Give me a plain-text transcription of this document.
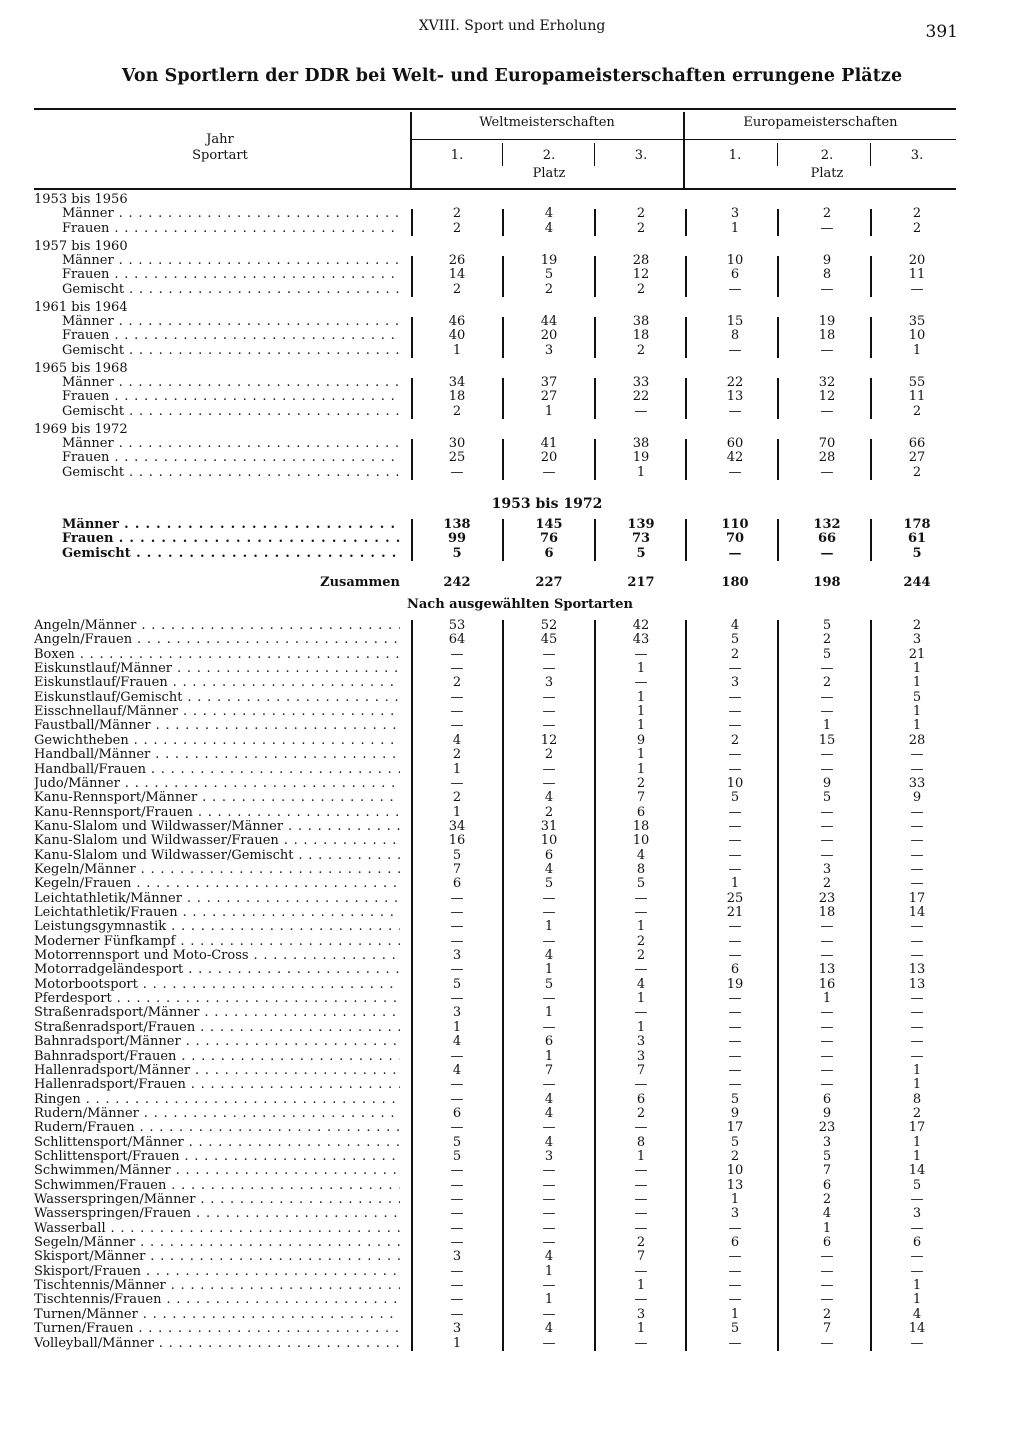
XVIII. Sport und Erholung	391
Von Sportlern der DDR bei Welt- und Europameisterschaften errungene Plätze
Jahr
Sportart
Weltmeisterschaften	Europameisterschaften
1.	2.	3.	1.	2.	3.
Platz	Platz
1953 bis 1956
Männer . . .	2	4	2	3	2	2
Frauen . . .	2	4	2	1	—	2
1957 bis 1960
Männer . . .	26	19	28	10	9	20
Frauen . . .	14	5	12	6	8	11
Gemischt . . .	2	2	2	—	—	—
1961 bis 1964
Männer . . .	46	44	38	15	19	35
Frauen . . .	40	20	18	8	18	10
Gemischt . . .	1	3	2	—	—	1
1965 bis 1968
Männer . . .	34	37	33	22	32	55
Frauen . . .	18	27	22	13	12	11
Gemischt . . .	2	1	—	—	—	2
1969 bis 1972
Männer . . .	30	41	38	60	70	66
Frauen . . .	25	20	19	42	28	27
Gemischt . . .	—	—	1	—	—	2
1953 bis 1972
Männer . . .	138	145	139	110	132	178
Frauen . . .	99	76	73	70	66	61
Gemischt . . .	5	6	5	—	—	5
Zusammen	242	227	217	180	198	244
Nach ausgewählten Sportarten
Angeln/Männer . . .	53	52	42	4	5	2
Angeln/Frauen . . .	64	45	43	5	2	3
Boxen . . .	—	—	—	2	5	21
Eiskunstlauf/Männer . . .	—	—	1	—	—	1
Eiskunstlauf/Frauen . . .	2	3	—	3	2	1
Eiskunstlauf/Gemischt . . .	—	—	1	—	—	5
Eisschnellauf/Männer . . .	—	—	1	—	—	1
Faustball/Männer . . .	—	—	1	—	1	1
Gewichtheben . . .	4	12	9	2	15	28
Handball/Männer . . .	2	2	1	—	—	—
Handball/Frauen . . .	1	—	1	—	—	—
Judo/Männer . . .	—	—	2	10	9	33
Kanu-Rennsport/Männer . . .	2	4	7	5	5	9
Kanu-Rennsport/Frauen . . .	1	2	6	—	—	—
Kanu-Slalom und Wildwasser/Männer . . .	34	31	18	—	—	—
Kanu-Slalom und Wildwasser/Frauen . . .	16	10	10	—	—	—
Kanu-Slalom und Wildwasser/Gemischt . . .	5	6	4	—	—	—
Kegeln/Männer . . .	7	4	8	—	3	—
Kegeln/Frauen . . .	6	5	5	1	2	—
Leichtathletik/Männer . . .	—	—	—	25	23	17
Leichtathletik/Frauen . . .	—	—	—	21	18	14
Leistungsgymnastik . . .	—	1	1	—	—	—
Moderner Fünfkampf . . .	—	—	2	—	—	—
Motorrennsport und Moto-Cross . . .	3	4	2	—	—	—
Motorradgeländesport . . .	—	1	—	6	13	13
Motorbootsport . . .	5	5	4	19	16	13
Pferdesport . . .	—	—	1	—	1	—
Straßenradsport/Männer . . .	3	1	—	—	—	—
Straßenradsport/Frauen . . .	1	—	1	—	—	—
Bahnradsport/Männer . . .	4	6	3	—	—	—
Bahnradsport/Frauen . . .	—	1	3	—	—	—
Hallenradsport/Männer . . .	4	7	7	—	—	1
Hallenradsport/Frauen . . .	—	—	—	—	—	1
Ringen . . .	—	4	6	5	6	8
Rudern/Männer . . .	6	4	2	9	9	2
Rudern/Frauen . . .	—	—	—	17	23	17
Schlittensport/Männer . . .	5	4	8	5	3	1
Schlittensport/Frauen . . .	5	3	1	2	5	1
Schwimmen/Männer . . .	—	—	—	10	7	14
Schwimmen/Frauen . . .	—	—	—	13	6	5
Wasserspringen/Männer . . .	—	—	—	1	2	—
Wasserspringen/Frauen . . .	—	—	—	3	4	3
Wasserball . . .	—	—	—	—	1	—
Segeln/Männer . . .	—	—	2	6	6	6
Skisport/Männer . . .	3	4	7	—	—	—
Skisport/Frauen . . .	—	1	—	—	—	—
Tischtennis/Männer . . .	—	—	1	—	—	1
Tischtennis/Frauen . . .	—	1	—	—	—	1
Turnen/Männer . . .	—	—	3	1	2	4
Turnen/Frauen . . .	3	4	1	5	7	14
Volleyball/Männer . . .	1	—	—	—	—	—
